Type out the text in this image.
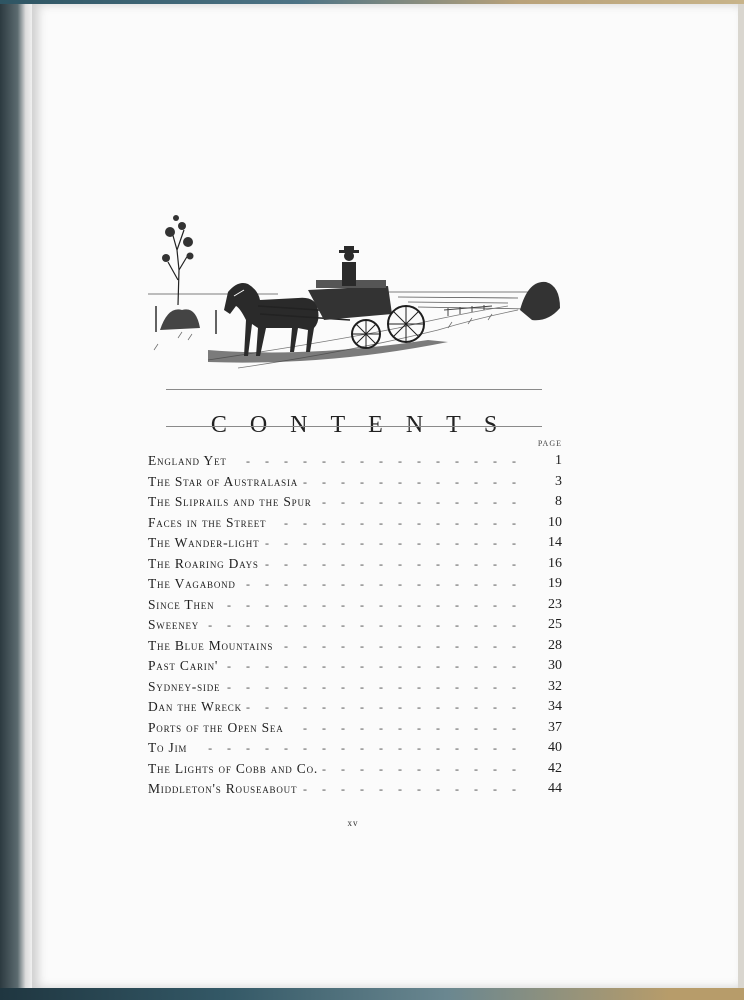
CONTENTS
PAGE
-
England Yet	1
-
The Star of Australasia	3
-
The Sliprails and the Spur	8
-
Faces in the Street	10
-
The Wander-light	14
-
The Roaring Days	16
-
The Vagabond	19
-
Since Then	23
-
Sweeney	25
-
The Blue Mountains	28
-
Past Carin'	30
-
Sydney-side	32
-
Dan the Wreck	34
-
Ports of the Open Sea	37
-
To Jim	40
-
The Lights of Cobb and Co.	42
-
Middleton's Rouseabout	44
xv
